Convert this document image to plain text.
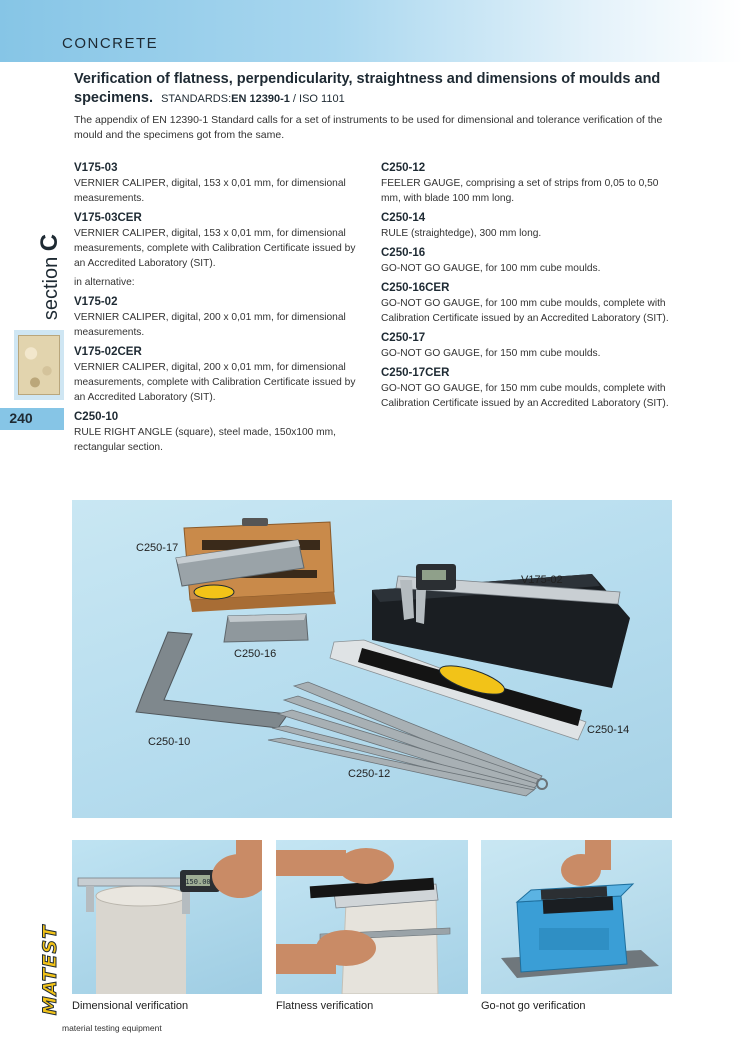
CONCRETE
section C
240
Verification of flatness, perpendicularity, straightness and dimensions of moulds and specimens. STANDARDS:EN 12390-1 / ISO 1101

The appendix of EN 12390-1 Standard calls for a set of instruments to be used for dimensional and tolerance verification of the mould and the specimens got from the same.

V175-03
VERNIER CALIPER, digital, 153 x 0,01 mm, for dimensional measurements.
V175-03CER
VERNIER CALIPER, digital, 153 x 0,01 mm, for dimensional measurements, complete with Calibration Certificate issued by an Accredited Laboratory (SIT).
in alternative:
V175-02
VERNIER CALIPER, digital, 200 x 0,01 mm, for dimensional measurements.
V175-02CER
VERNIER CALIPER, digital, 200 x 0,01 mm, for dimensional measurements, complete with Calibration Certificate issued by an Accredited Laboratory (SIT).
C250-10
RULE RIGHT ANGLE (square), steel made, 150x100 mm, rectangular section.
C250-12
FEELER GAUGE, comprising a set of strips from 0,05 to 0,50 mm, with blade 100 mm long.
C250-14
RULE (straightedge), 300 mm long.
C250-16
GO-NOT GO GAUGE, for 100 mm cube moulds.
C250-16CER
GO-NOT GO GAUGE, for 100 mm cube moulds, complete with Calibration Certificate issued by an Accredited Laboratory (SIT).
C250-17
GO-NOT GO GAUGE, for 150 mm cube moulds.
C250-17CER
GO-NOT GO GAUGE, for 150 mm cube moulds, complete with Calibration Certificate issued by an Accredited Laboratory (SIT).
C250-17
V175-02
C250-16
C250-14
C250-10
C250-12
150.00
Dimensional verification	Flatness verification	Go-not go verification
MATEST
material testing equipment
